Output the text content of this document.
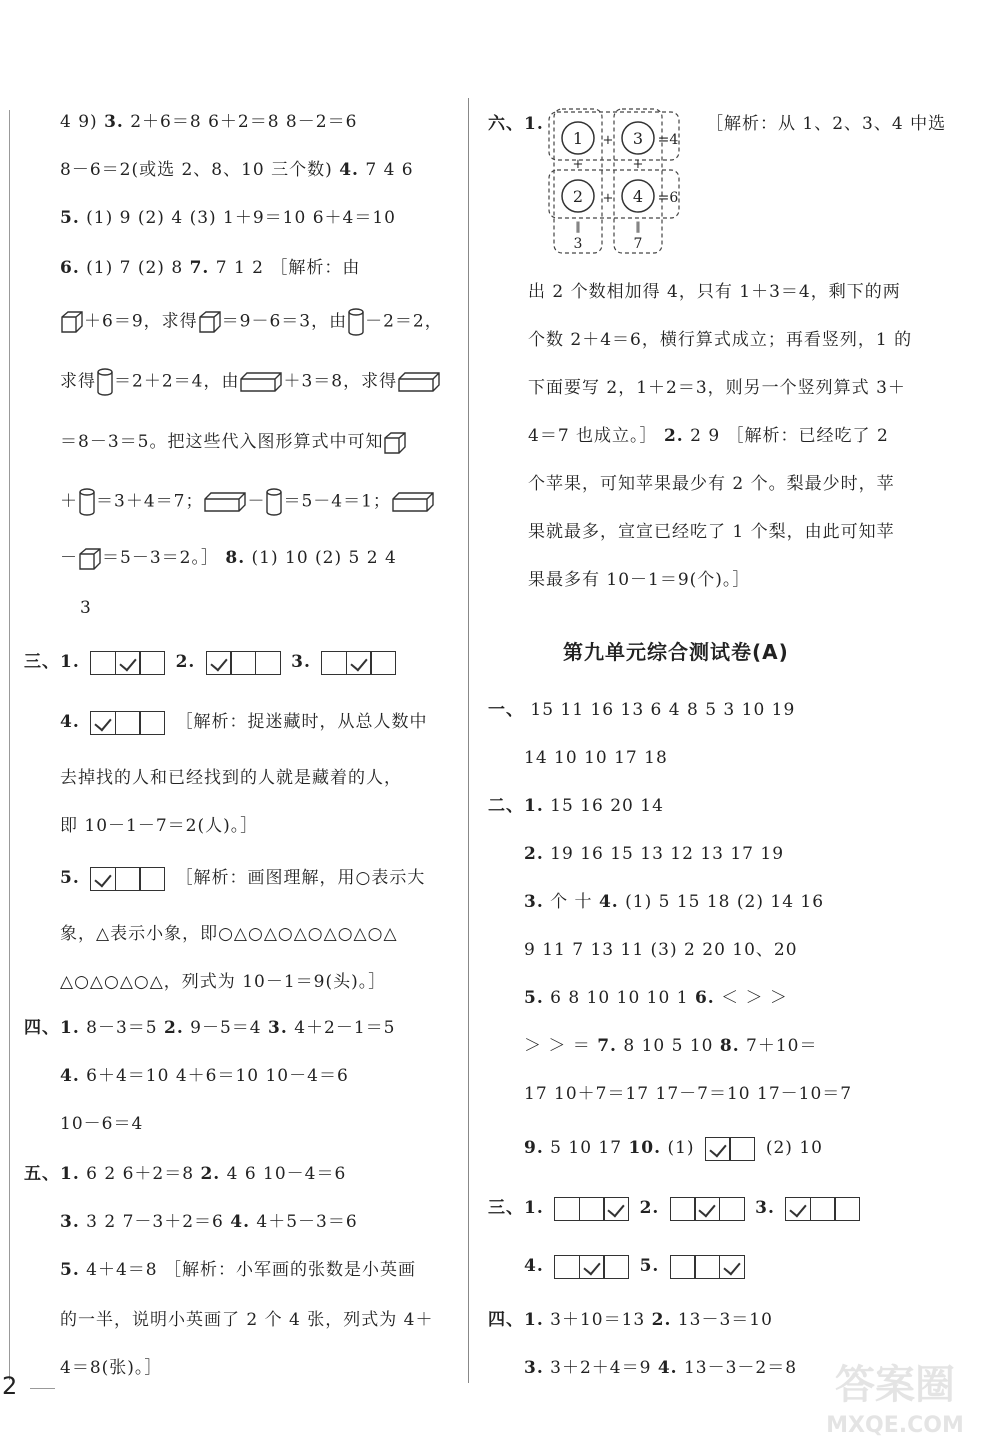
4 9) 3. 2＋6＝8 6＋2＝8 8－2＝6
8－6＝2(或选 2、8、10 三个数) 4. 7 4 6
5. (1) 9 (2) 4 (3) 1＋9＝10 6＋4＝10
6. (1) 7 (2) 8 7. 7 1 2 ［解析：由
＋6＝9，求得 ＝9－6＝3，由 －2＝2，
求得 ＝2＋2＝4，由	＋3＝8，求得
＝8－3＝5。把这些代入图形算式中可知
＋ ＝3＋4＝7；	－ ＝5－4＝1；
－ ＝5－3＝2。］ 8. (1) 10 (2) 5 2 4
3
三、1.	2.	3.
4.	［解析：捉迷藏时，从总人数中
去掉找的人和已经找到的人就是藏着的人，
即 10－1－7＝2(人)。］
5.	［解析：画图理解，用○表示大
象，△表示小象，即○△○△○△○△○△○△
△○△○△○△，列式为 10－1＝9(头)。］
四、1. 8－3＝5 2. 9－5＝4 3. 4＋2－1＝5
4. 6＋4＝10 4＋6＝10 10－4＝6
10－6＝4
五、1. 6 2 6＋2＝8 2. 4 6 10－4＝6
3. 3 2 7－3＋2＝6 4. 4＋5－3＝6
5. 4＋4＝8 ［解析：小军画的张数是小英画
的一半，说明小英画了 2 个 4 张，列式为 4＋
4＝8(张)。］
六、1.	［解析：从 1、2、3、4 中选
1	3
2	4
+
+
+	+
=4
=6
‖	‖
3	7
出 2 个数相加得 4，只有 1＋3＝4，剩下的两
个数 2＋4＝6，横行算式成立；再看竖列，1 的
下面要写 2，1＋2＝3，则另一个竖列算式 3＋
4＝7 也成立。］ 2. 2 9 ［解析：已经吃了 2
个苹果，可知苹果最少有 2 个。梨最少时，苹
果就最多，宣宣已经吃了 1 个梨，由此可知苹
果最多有 10－1＝9(个)。］
第九单元综合测试卷(A)
一、 15 11 16 13 6 4 8 5 3 10 19
14 10 10 17 18
二、1. 15 16 20 14
2. 19 16 15 13 12 13 17 19
3. 个 十 4. (1) 5 15 18 (2) 14 16
9 11 7 13 11 (3) 2 20 10、20
5. 6 8 10 10 10 1 6. ＜ ＞ ＞
＞ ＞ ＝ 7. 8 10 5 10 8. 7＋10＝
17 10＋7＝17 17－7＝10 17－10＝7
9. 5 10 17 10. (1)	(2) 10
三、1.	2.	3.
4.	5.
四、1. 3＋10＝13 2. 13－3＝10
3. 3＋2＋4＝9 4. 13－3－2＝8
2	答案圈
MXQE.COM
